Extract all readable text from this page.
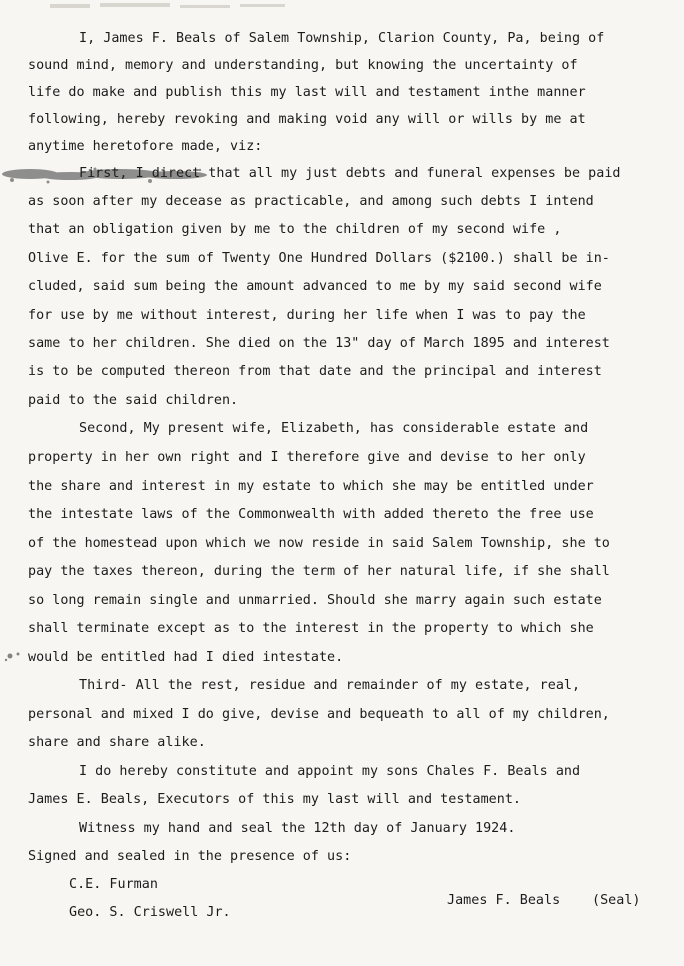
I, James F. Beals of Salem Township, Clarion County, Pa, being of
sound mind, memory and understanding, but knowing the uncertainty of
life do make and publish this my last will and testament inthe manner
following, hereby revoking and making void any will or wills by me at
anytime heretofore made, viz:
First, I direct that all my just debts and funeral expenses be paid
as soon after my decease as practicable, and among such debts I intend
that an obligation given by me to the children of my second wife ,
Olive E. for the sum of Twenty One Hundred Dollars ($2100.) shall be in-
cluded, said sum being the amount advanced to me by my said second wife
for use by me without interest, during her life when I was to pay the
same to her children. She died on the 13" day of March 1895 and interest
is to be computed thereon from that date and the principal and interest
paid to the said children.
Second, My present wife, Elizabeth, has considerable estate and
property in her own right and I therefore give and devise to her only
the share and interest in my estate to which she may be entitled under
the intestate laws of the Commonwealth with added thereto the free use
of the homestead upon which we now reside in said Salem Township, she to
pay the taxes thereon, during the term of her natural life, if she shall
so long remain single and unmarried. Should she marry again such estate
shall terminate except as to the interest in the property to which she
would be entitled had I died intestate.
Third- All the rest, residue and remainder of my estate, real,
personal and mixed I do give, devise and bequeath to all of my children,
share and share alike.
I do hereby constitute and appoint my sons Chales F. Beals and
James E. Beals, Executors of this my last will and testament.
Witness my hand and seal the 12th day of January 1924.
Signed and sealed in the presence of us:
C.E. Furman
James F. Beals (Seal)
Geo. S. Criswell Jr.
